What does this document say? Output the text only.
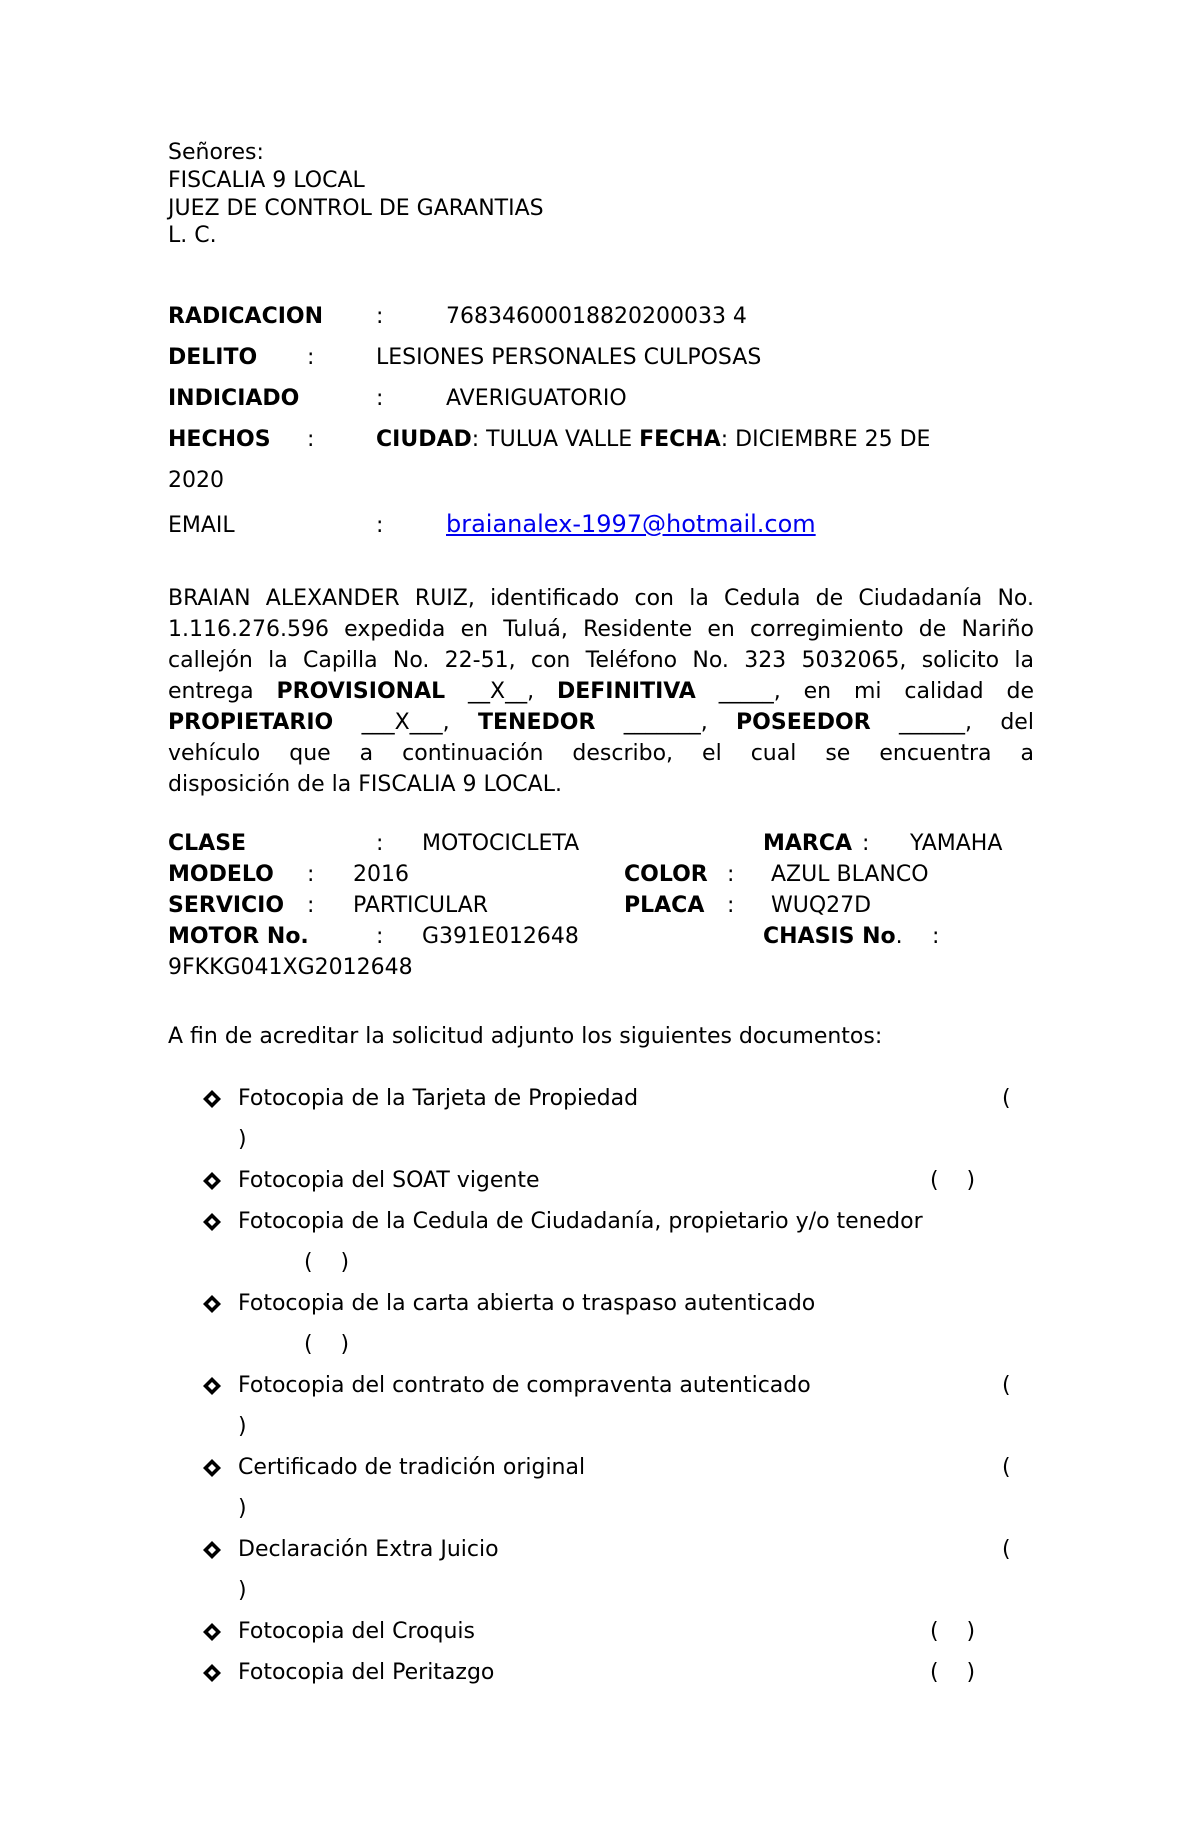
Señores:
FISCALIA 9 LOCAL
JUEZ DE CONTROL DE GARANTIAS
L. C.
RADICACION :	76834600018820200033 4
DELITO :	LESIONES PERSONALES CULPOSAS
INDICIADO	:	AVERIGUATORIO
HECHOS :	CIUDAD: TULUA VALLE FECHA: DICIEMBRE 25 DE
2020
EMAIL	:	braianalex-1997@hotmail.com
BRAIAN ALEXANDER RUIZ, identificado con la Cedula de Ciudadanía No.
1.116.276.596 expedida en Tuluá, Residente en corregimiento de Nariño
callejón la Capilla No. 22-51, con Teléfono No. 323 5032065, solicito la
entrega PROVISIONAL __X__, DEFINITIVA _____, en mi calidad de
PROPIETARIO ___X___, TENEDOR _______, POSEEDOR ______, del
vehículo que a continuación describo, el cual se encuentra a
disposición de la FISCALIA 9 LOCAL.
CLASE	: MOTOCICLETA	MARCA : YAMAHA
MODELO : 2016	COLOR : AZUL BLANCO
SERVICIO : PARTICULAR	PLACA : WUQ27D
MOTOR No.	: G391E012648	CHASIS No. :
9FKKG041XG2012648
A fin de acreditar la solicitud adjunto los siguientes documentos:
Fotocopia de la Tarjeta de Propiedad	(
)
Fotocopia del SOAT vigente	(    )
Fotocopia de la Cedula de Ciudadanía, propietario y/o tenedor
(    )
Fotocopia de la carta abierta o traspaso autenticado
(    )
Fotocopia del contrato de compraventa autenticado	(
)
Certificado de tradición original	(
)
Declaración Extra Juicio	(
)
Fotocopia del Croquis	(    )
Fotocopia del Peritazgo	(    )
